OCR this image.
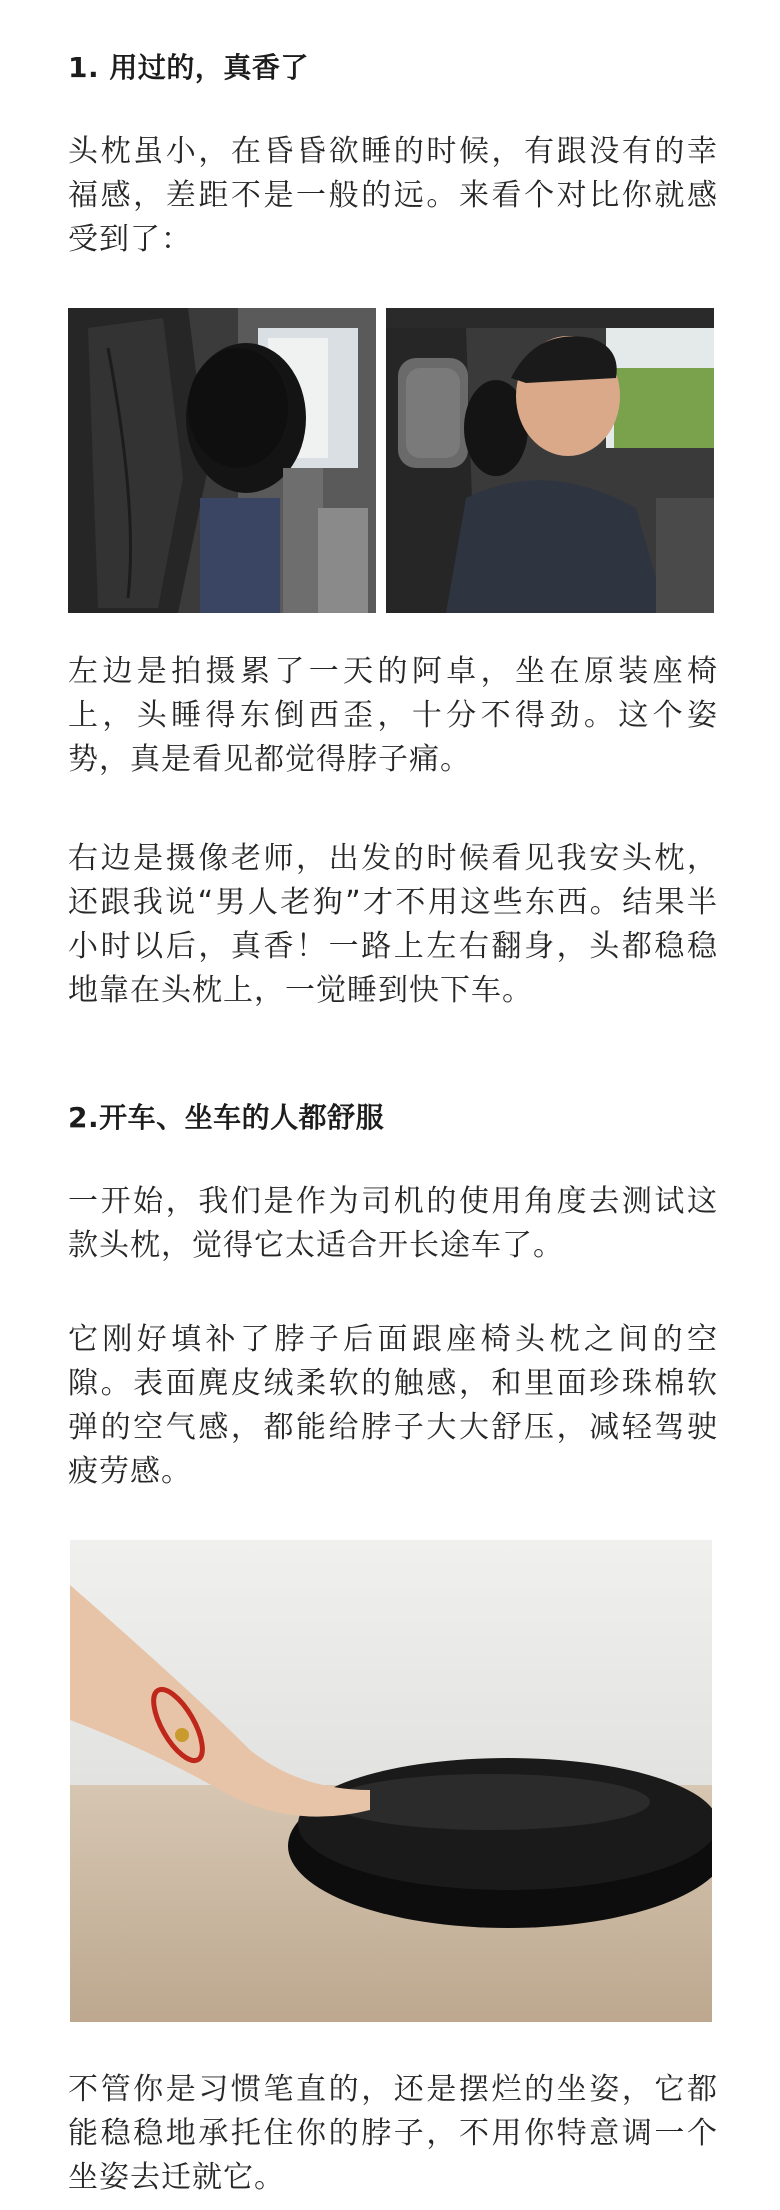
1. 用过的，真香了
头枕虽小，在昏昏欲睡的时候，有跟没有的幸福感，差距不是一般的远。来看个对比你就感受到了：
左边是拍摄累了一天的阿卓，坐在原装座椅上，头睡得东倒西歪，十分不得劲。这个姿势，真是看见都觉得脖子痛。
右边是摄像老师，出发的时候看见我安头枕，还跟我说“男人老狗”才不用这些东西。结果半小时以后，真香！一路上左右翻身，头都稳稳地靠在头枕上，一觉睡到快下车。
2.开车、坐车的人都舒服
一开始，我们是作为司机的使用角度去测试这款头枕，觉得它太适合开长途车了。
它刚好填补了脖子后面跟座椅头枕之间的空隙。表面麂皮绒柔软的触感，和里面珍珠棉软弹的空气感，都能给脖子大大舒压，减轻驾驶疲劳感。
不管你是习惯笔直的，还是摆烂的坐姿，它都能稳稳地承托住你的脖子，不用你特意调一个坐姿去迁就它。
